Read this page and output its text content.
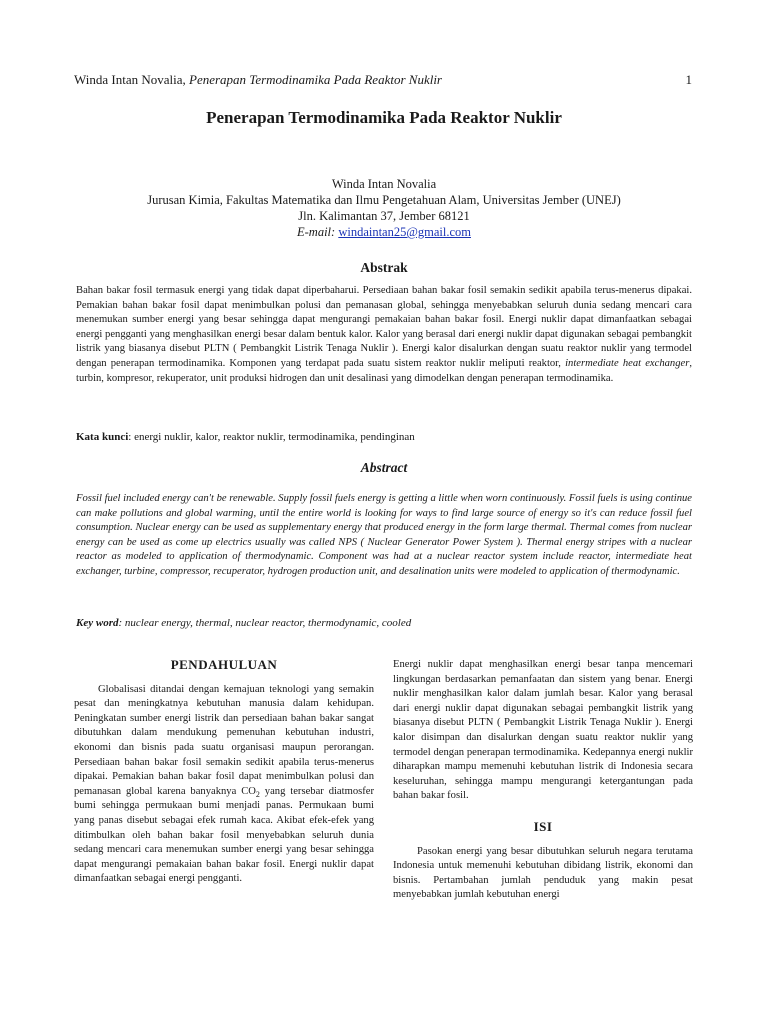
Winda Intan Novalia, Penerapan Termodinamika Pada Reaktor Nuklir	1
Penerapan Termodinamika Pada Reaktor Nuklir
Winda Intan Novalia
Jurusan Kimia, Fakultas Matematika dan Ilmu Pengetahuan Alam, Universitas Jember (UNEJ)
Jln. Kalimantan 37, Jember 68121
E-mail: windaintan25@gmail.com
Abstrak
Bahan bakar fosil termasuk energi yang tidak dapat diperbaharui. Persediaan bahan bakar fosil semakin sedikit apabila terus-menerus dipakai. Pemakian bahan bakar fosil dapat menimbulkan polusi dan pemanasan global, sehingga menyebabkan seluruh dunia sedang mencari cara menemukan sumber energi yang besar sehingga dapat mengurangi pemakaian bahan bakar fosil. Energi nuklir dapat dimanfaatkan sebagai energi pengganti yang menghasilkan energi besar dalam bentuk kalor. Kalor yang berasal dari energi nuklir dapat digunakan sebagai pembangkit listrik yang biasanya disebut PLTN ( Pembangkit Listrik Tenaga Nuklir ). Energi kalor disalurkan dengan suatu reaktor nuklir yang termodel dengan penerapan termodinamika. Komponen yang terdapat pada suatu sistem reaktor nuklir meliputi reaktor, intermediate heat exchanger, turbin, kompresor, rekuperator, unit produksi hidrogen dan unit desalinasi yang dimodelkan dengan penerapan termodinamika.
Kata kunci: energi nuklir, kalor, reaktor nuklir, termodinamika, pendinginan
Abstract
Fossil fuel included energy can't be renewable. Supply fossil fuels energy is getting a little when worn continuously. Fossil fuels is using continue can make pollutions and global warming, until the entire world is looking for ways to find large source of energy so it's can reduce fossil fuel consumption. Nuclear energy can be used as supplementary energy that produced energy in the form large thermal. Thermal comes from nuclear energy can be used as come up electrics usually was called NPS ( Nuclear Generator Power System ). Thermal energy stripes with a nuclear reactor as modeled to application of thermodynamic. Component was had at a nuclear reactor system include reactor, intermediate heat exchanger, turbine, compressor, recuperator, hydrogen production unit, and desalination units were modeled to application of thermodynamic.
Key word: nuclear energy, thermal, nuclear reactor, thermodynamic, cooled
PENDAHULUAN

Globalisasi ditandai dengan kemajuan teknologi yang semakin pesat dan meningkatnya kebutuhan manusia dalam kehidupan. Peningkatan sumber energi listrik dan persediaan bahan bakar sangat dibutuhkan dalam mendukung pemenuhan kebutuhan industri, ekonomi dan bisnis pada suatu organisasi maupun perorangan. Persediaan bahan bakar fosil semakin sedikit apabila terus-menerus dipakai. Pemakian bahan bakar fosil dapat menimbulkan polusi dan pemanasan global karena banyaknya $CO_2$ yang tersebar diatmosfer bumi sehingga permukaan bumi menjadi panas. Permukaan bumi yang panas disebut sebagai efek rumah kaca. Akibat efek-efek yang ditimbulkan oleh bahan bakar fosil menyebabkan seluruh dunia sedang mencari cara menemukan sumber energi yang besar sehingga dapat mengurangi pemakaian bahan bakar fosil. Energi nuklir dapat dimanfaatkan sebagai energi pengganti.

Energi nuklir dapat menghasilkan energi besar tanpa mencemari lingkungan berdasarkan pemanfaatan dan sistem yang benar. Energi nuklir menghasilkan kalor dalam jumlah besar. Kalor yang berasal dari energi nuklir dapat digunakan sebagai pembangkit listrik yang biasanya disebut PLTN ( Pembangkit Listrik Tenaga Nuklir ). Energi kalor disimpan dan disalurkan dengan suatu reaktor nuklir yang termodel dengan penerapan termodinamika. Kedepannya energi nuklir diharapkan mampu memenuhi kebutuhan listrik di Indonesia secara keseluruhan, sehingga mampu mengurangi ketergantungan pada bahan bakar fosil.

ISI

Pasokan energi yang besar dibutuhkan seluruh negara terutama Indonesia untuk memenuhi kebutuhan dibidang listrik, ekonomi dan bisnis. Pertambahan jumlah penduduk yang makin pesat menyebabkan jumlah kebutuhan energi
